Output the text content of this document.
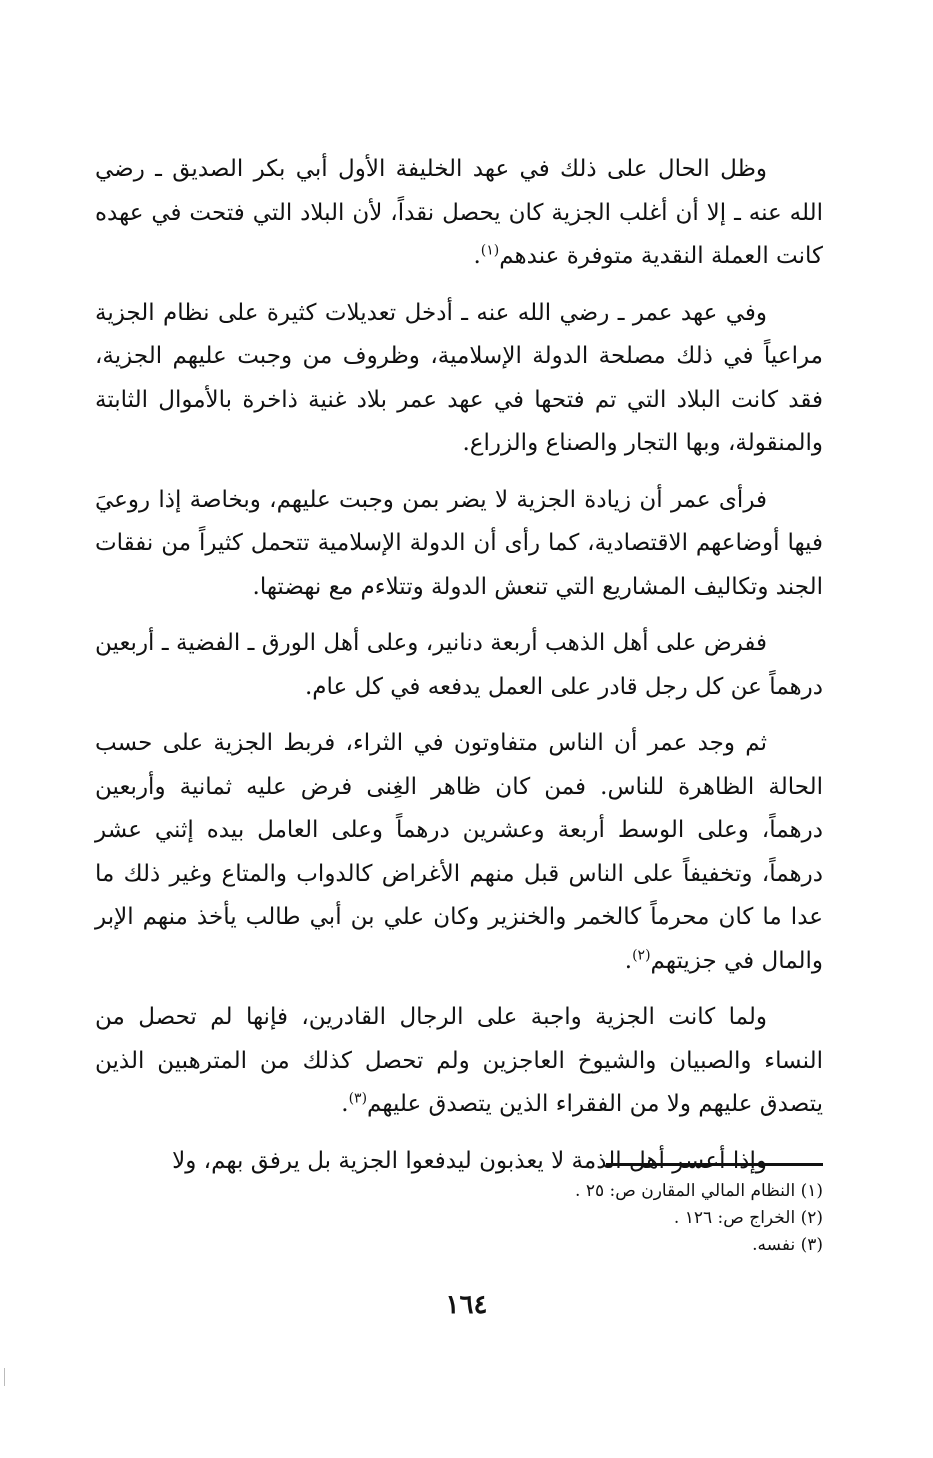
وظل الحال على ذلك في عهد الخليفة الأول أبي بكر الصديق ـ رضي الله عنه ـ إلا أن أغلب الجزية كان يحصل نقداً، لأن البلاد التي فتحت في عهده كانت العملة النقدية متوفرة عندهم$^{(١)}$.

وفي عهد عمر ـ رضي الله عنه ـ أدخل تعديلات كثيرة على نظام الجزية مراعياً في ذلك مصلحة الدولة الإسلامية، وظروف من وجبت عليهم الجزية، فقد كانت البلاد التي تم فتحها في عهد عمر بلاد غنية ذاخرة بالأموال الثابتة والمنقولة، وبها التجار والصناع والزراع.

فرأى عمر أن زيادة الجزية لا يضر بمن وجبت عليهم، وبخاصة إذا روعيَ فيها أوضاعهم الاقتصادية، كما رأى أن الدولة الإسلامية تتحمل كثيراً من نفقات الجند وتكاليف المشاريع التي تنعش الدولة وتتلاءم مع نهضتها.

ففرض على أهل الذهب أربعة دنانير، وعلى أهل الورق ـ الفضية ـ أربعين درهماً عن كل رجل قادر على العمل يدفعه في كل عام.

ثم وجد عمر أن الناس متفاوتون في الثراء، فربط الجزية على حسب الحالة الظاهرة للناس. فمن كان ظاهر الغِنى فرض عليه ثمانية وأربعين درهماً، وعلى الوسط أربعة وعشرين درهماً وعلى العامل بيده إثني عشر درهماً، وتخفيفاً على الناس قبل منهم الأغراض كالدواب والمتاع وغير ذلك ما عدا ما كان محرماً كالخمر والخنزير وكان علي بن أبي طالب يأخذ منهم الإبر والمال في جزيتهم$^{(٢)}$.

ولما كانت الجزية واجبة على الرجال القادرين، فإنها لم تحصل من النساء والصبيان والشيوخ العاجزين ولم تحصل كذلك من المترهبين الذين يتصدق عليهم ولا من الفقراء الذين يتصدق عليهم$^{(٣)}$.

وإذا أعسر أهل الذمة لا يعذبون ليدفعوا الجزية بل يرفق بهم، ولا

(١) النظام المالي المقارن ص: ٢٥ .

(٢) الخراج ص: ١٢٦ .

(٣) نفسه.

١٦٤
